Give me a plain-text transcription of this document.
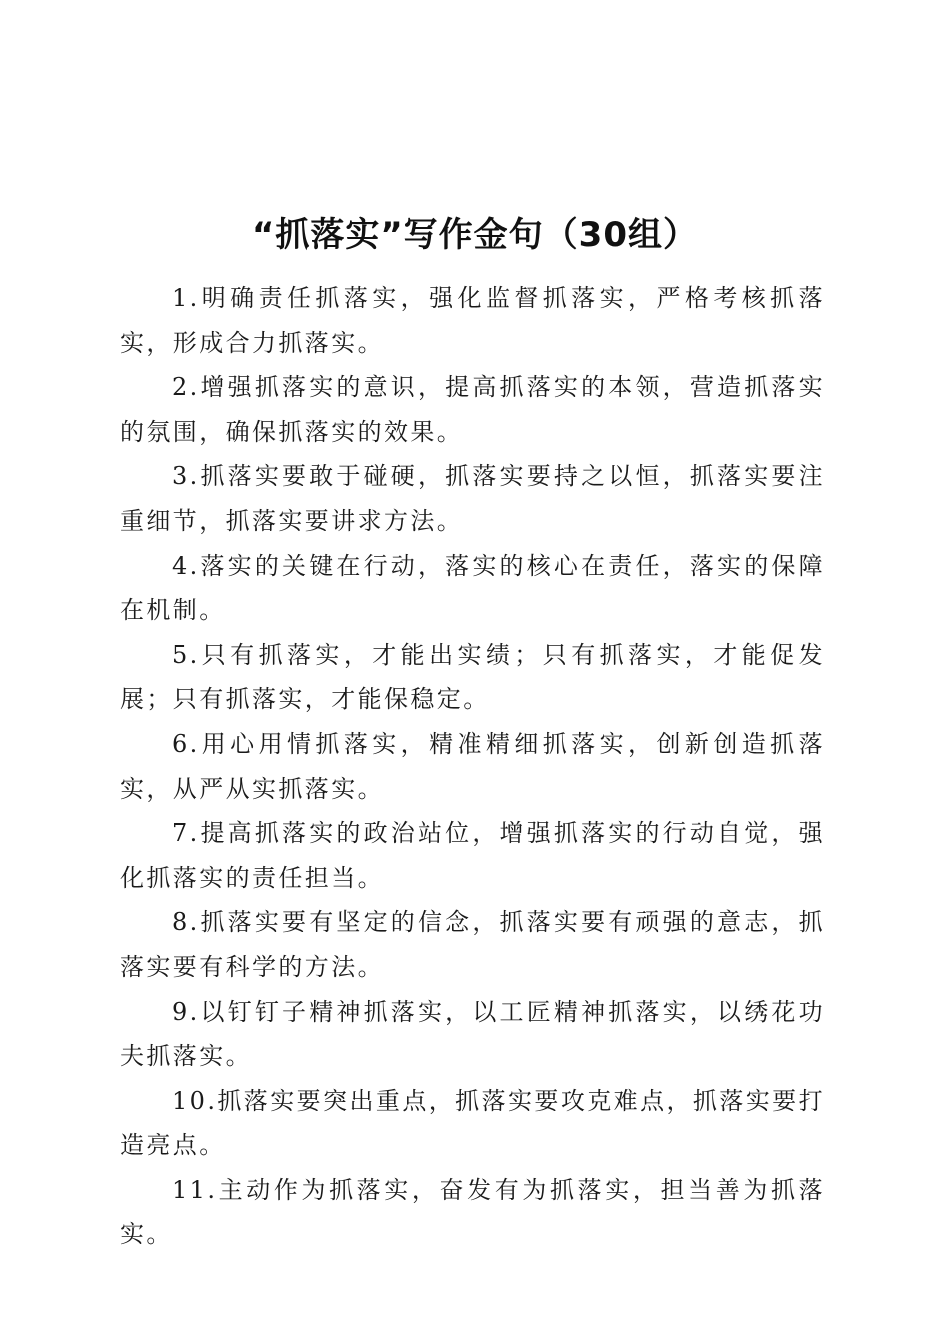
“抓落实”写作金句（30组）

1.明确责任抓落实，强化监督抓落实，严格考核抓落实，形成合力抓落实。

2.增强抓落实的意识，提高抓落实的本领，营造抓落实的氛围，确保抓落实的效果。

3.抓落实要敢于碰硬，抓落实要持之以恒，抓落实要注重细节，抓落实要讲求方法。

4.落实的关键在行动，落实的核心在责任，落实的保障在机制。

5.只有抓落实，才能出实绩；只有抓落实，才能促发展；只有抓落实，才能保稳定。

6.用心用情抓落实，精准精细抓落实，创新创造抓落实，从严从实抓落实。

7.提高抓落实的政治站位，增强抓落实的行动自觉，强化抓落实的责任担当。

8.抓落实要有坚定的信念，抓落实要有顽强的意志，抓落实要有科学的方法。

9.以钉钉子精神抓落实，以工匠精神抓落实，以绣花功夫抓落实。

10.抓落实要突出重点，抓落实要攻克难点，抓落实要打造亮点。

11.主动作为抓落实，奋发有为抓落实，担当善为抓落实。
